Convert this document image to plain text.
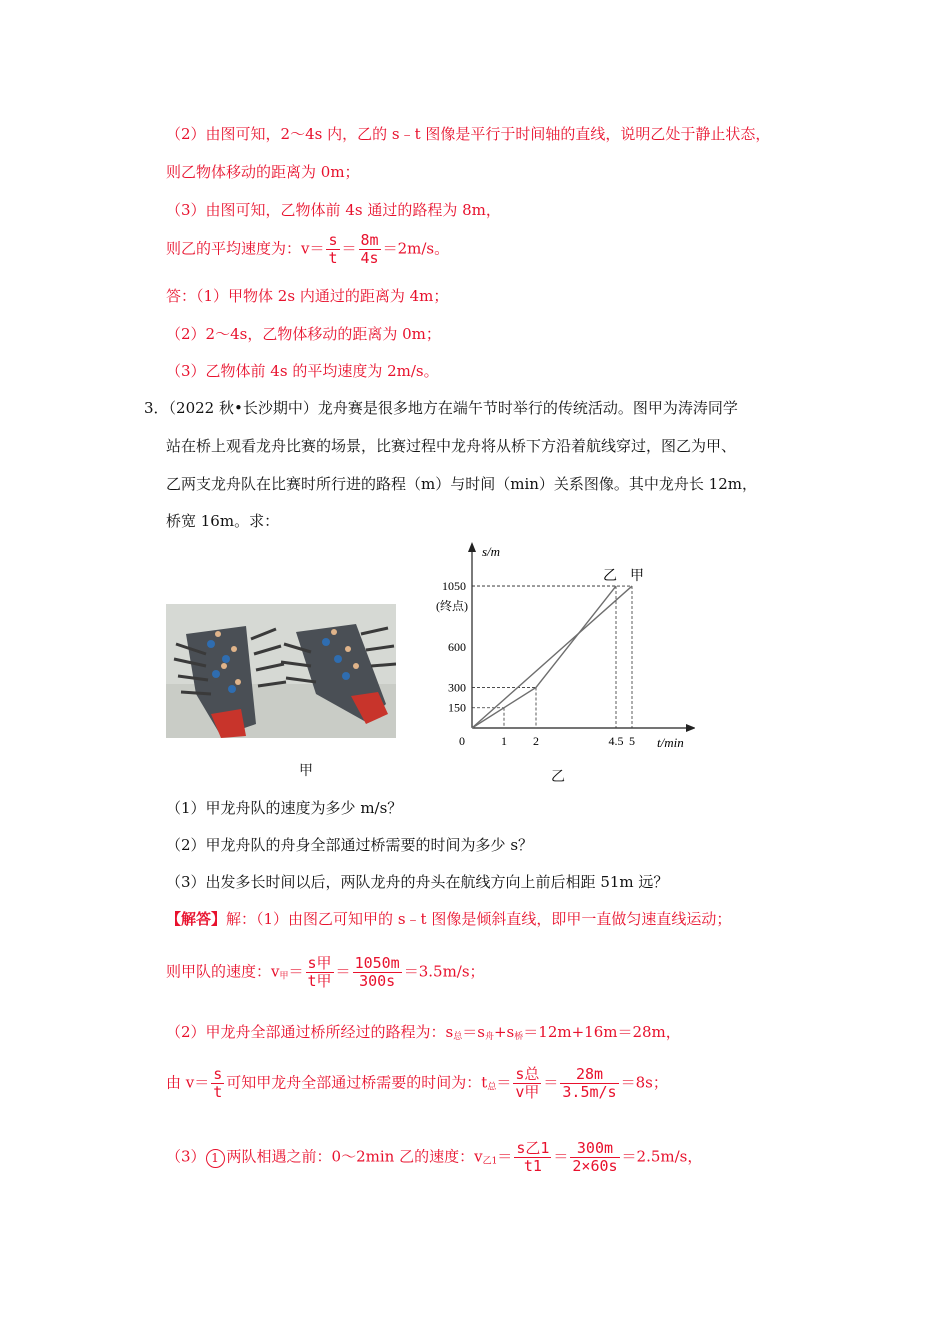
（2）由图可知，2～4s 内，乙的 s﹣t 图像是平行于时间轴的直线，说明乙处于静止状态，
则乙物体移动的距离为 0m；
（3）由图可知，乙物体前 4s 通过的路程为 8m，
则乙的平均速度为：$v= \frac{s}{t} = \frac{8m}{4s} =2m/s$。
答：（1）甲物体 2s 内通过的距离为 4m；
（2）2～4s，乙物体移动的距离为 0m；
（3）乙物体前 4s 的平均速度为 2m/s。
3．（2022 秋•长沙期中）龙舟赛是很多地方在端午节时举行的传统活动。图甲为涛涛同学
站在桥上观看龙舟比赛的场景，比赛过程中龙舟将从桥下方沿着航线穿过，图乙为甲、
乙两支龙舟队在比赛时所行进的路程（m）与时间（min）关系图像。其中龙舟长 12m，
桥宽 16m。求：
甲
s/m
t/min
0	1 2	4.5 5
150
300
600
1050
(终点)
甲
乙
乙
（1）甲龙舟队的速度为多少 m/s？
（2）甲龙舟队的舟身全部通过桥需要的时间为多少 s？
（3）出发多长时间以后，两队龙舟的舟头在航线方向上前后相距 51m 远？
【解答】解：（1）由图乙可知甲的 s﹣t 图像是倾斜直线，即甲一直做匀速直线运动；
则甲队的速度：$v_甲= \frac{\text{s甲}}{\text{t甲}} = \frac{1050m}{300s} =3.5m/s$；
（2）甲龙舟全部通过桥所经过的路程为：$s_总=s_舟+s_桥=12m+16m=28m$，
由 $v= \frac{s}{t}$ 可知甲龙舟全部通过桥需要的时间为：$t_总= \frac{\text{s总}}{\text{v甲}} = \frac{28m}{3.5m/s} =8s$；
（3） 1 两队相遇之前：0～2min 乙的速度：$v_{乙1}= \frac{\text{s乙1}}{t1} = \frac{300m}{2\times 60s} =2.5m/s$，
